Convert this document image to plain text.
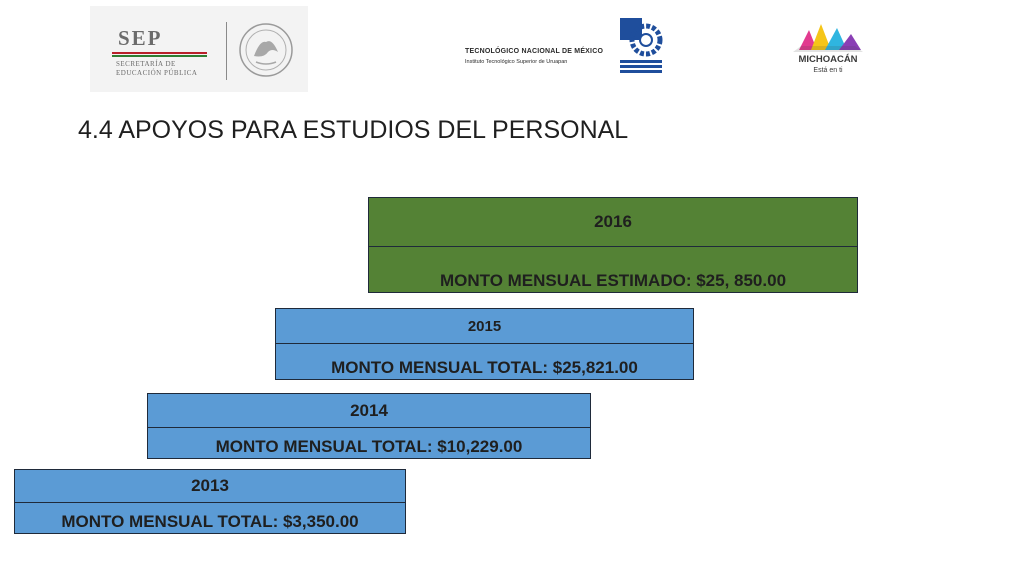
SEP
SECRETARÍA DE
EDUCACIÓN PÚBLICA
TECNOLÓGICO NACIONAL DE MÉXICO
Instituto Tecnológico Superior de Uruapan	MICHOACÁN
Está en ti
4.4 APOYOS PARA ESTUDIOS DEL PERSONAL
2016
MONTO MENSUAL ESTIMADO: $25, 850.00
2015
MONTO MENSUAL TOTAL: $25,821.00
2014
MONTO MENSUAL TOTAL: $10,229.00
2013
MONTO MENSUAL TOTAL: $3,350.00
